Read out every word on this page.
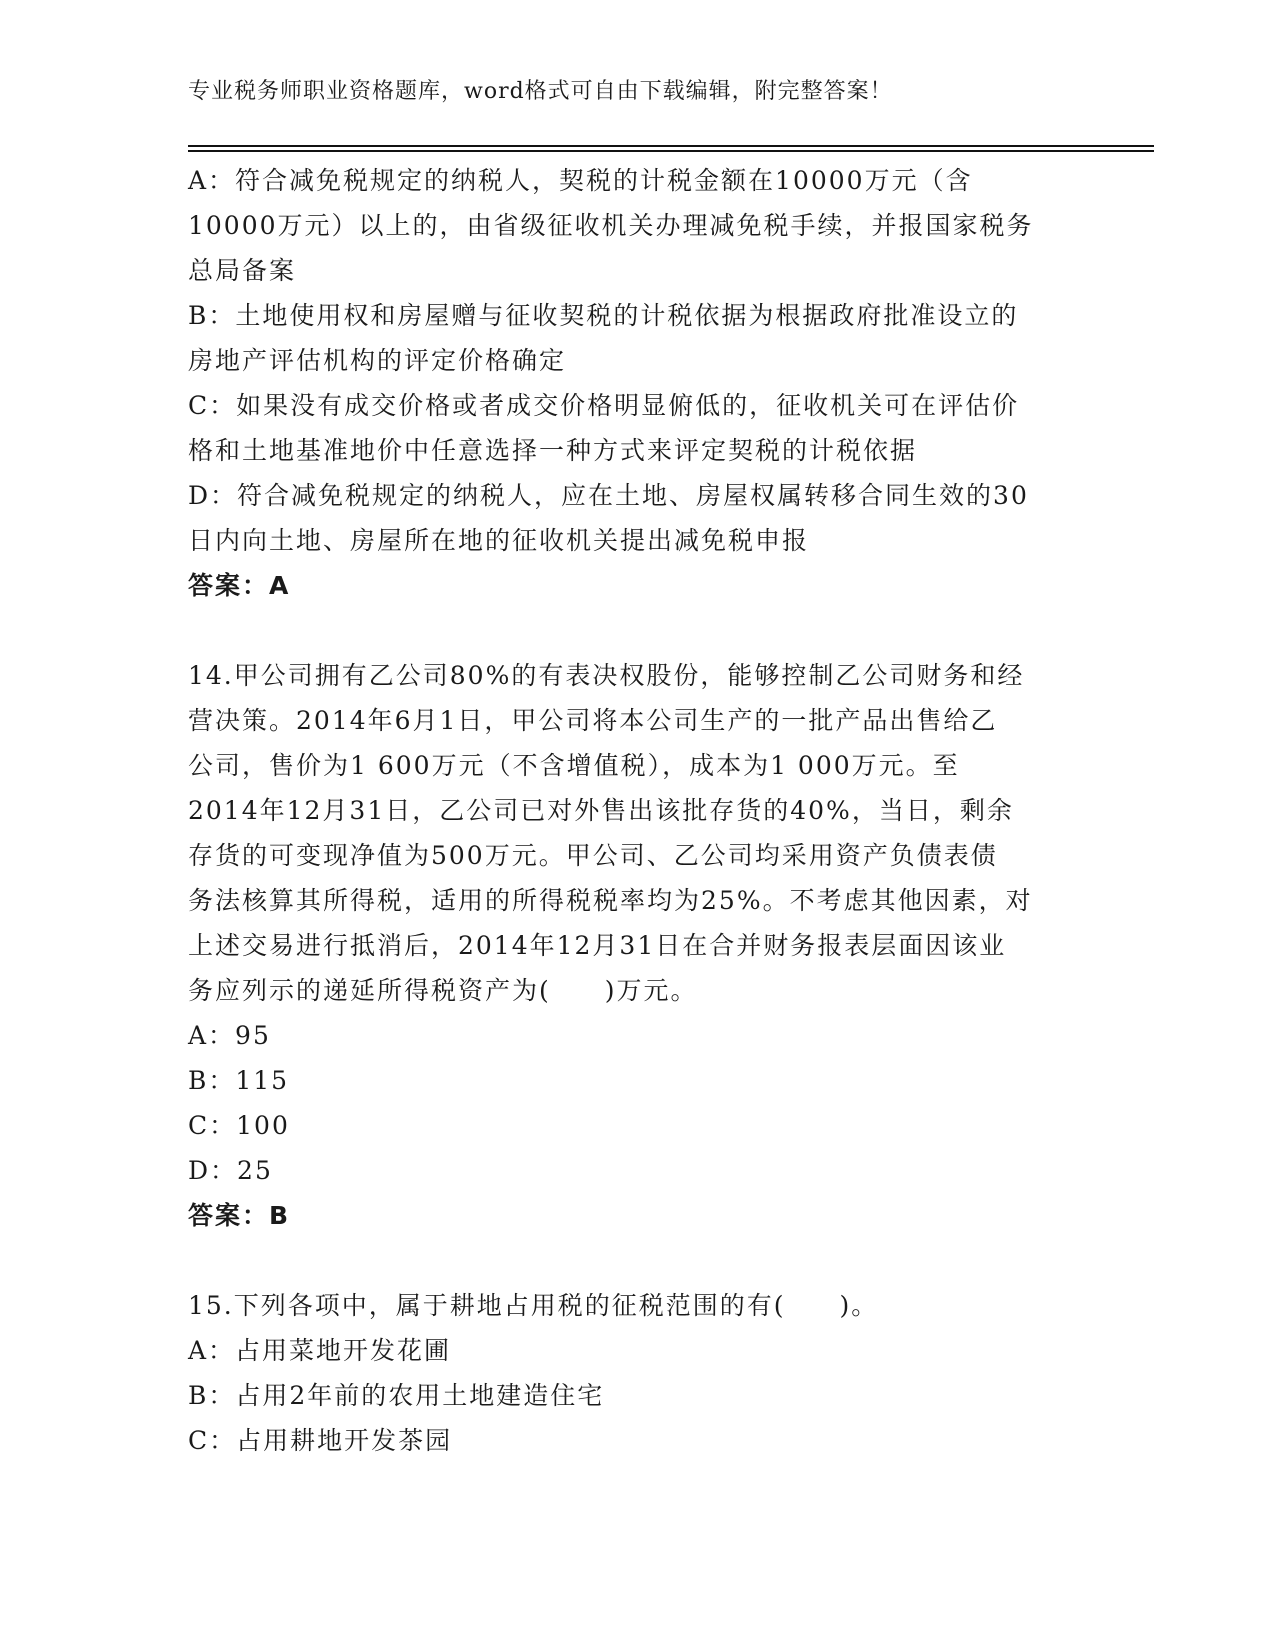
专业税务师职业资格题库，word格式可自由下载编辑，附完整答案！
A：符合减免税规定的纳税人，契税的计税金额在10000万元（含
10000万元）以上的，由省级征收机关办理减免税手续，并报国家税务
总局备案
B：土地使用权和房屋赠与征收契税的计税依据为根据政府批准设立的
房地产评估机构的评定价格确定
C：如果没有成交价格或者成交价格明显俯低的，征收机关可在评估价
格和土地基准地价中任意选择一种方式来评定契税的计税依据
D：符合减免税规定的纳税人，应在土地、房屋权属转移合同生效的30
日内向土地、房屋所在地的征收机关提出减免税申报
答案：A
14.甲公司拥有乙公司80%的有表决权股份，能够控制乙公司财务和经
营决策。2014年6月1日，甲公司将本公司生产的一批产品出售给乙
公司，售价为1 600万元（不含增值税），成本为1 000万元。至
2014年12月31日，乙公司已对外售出该批存货的40%，当日，剩余
存货的可变现净值为500万元。甲公司、乙公司均采用资产负债表债
务法核算其所得税，适用的所得税税率均为25%。不考虑其他因素，对
上述交易进行抵消后，2014年12月31日在合并财务报表层面因该业
务应列示的递延所得税资产为(　　)万元。
A：95
B：115
C：100
D：25
答案：B
15.下列各项中，属于耕地占用税的征税范围的有(　　)。
A：占用菜地开发花圃
B：占用2年前的农用土地建造住宅
C：占用耕地开发茶园
